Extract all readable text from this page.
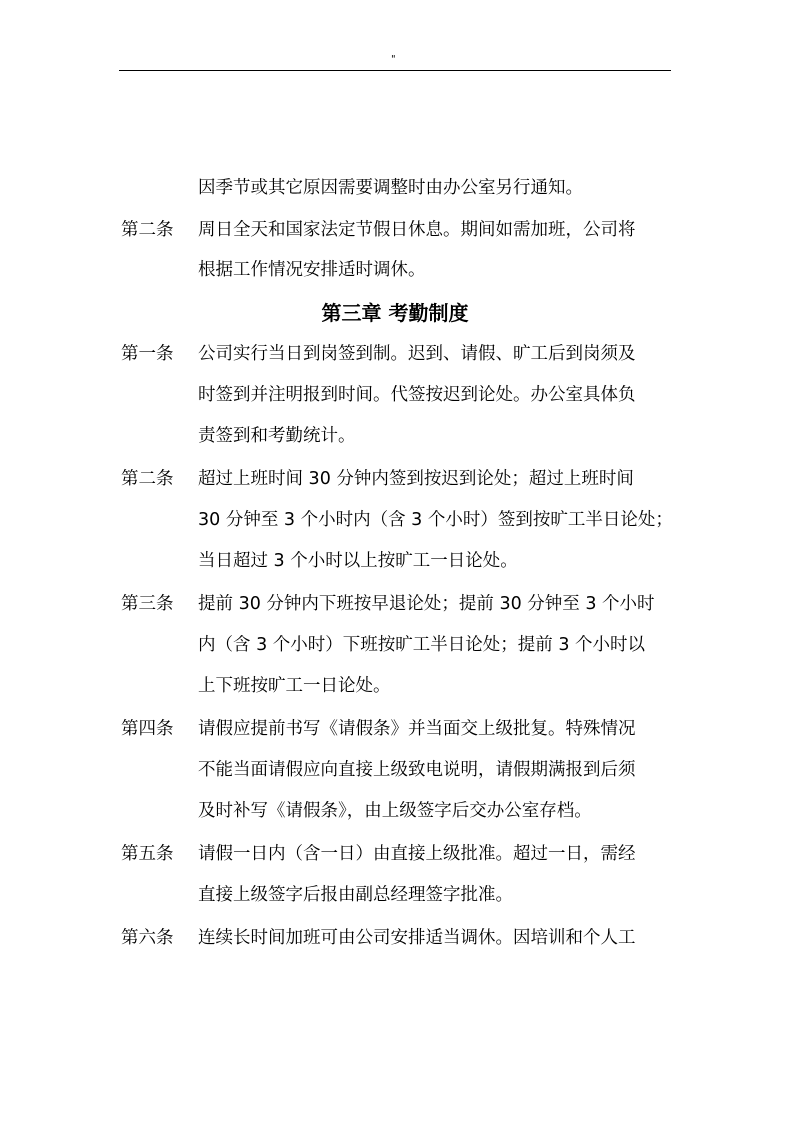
"
因季节或其它原因需要调整时由办公室另行通知。
第二条 周日全天和国家法定节假日休息。期间如需加班，公司将
根据工作情况安排适时调休。
第三章 考勤制度
第一条 公司实行当日到岗签到制。迟到、请假、旷工后到岗须及
时签到并注明报到时间。代签按迟到论处。办公室具体负
责签到和考勤统计。
第二条 超过上班时间 30 分钟内签到按迟到论处；超过上班时间
30 分钟至 3 个小时内（含 3 个小时）签到按旷工半日论处；
当日超过 3 个小时以上按旷工一日论处。
第三条 提前 30 分钟内下班按早退论处；提前 30 分钟至 3 个小时
内（含 3 个小时）下班按旷工半日论处；提前 3 个小时以
上下班按旷工一日论处。
第四条 请假应提前书写《请假条》并当面交上级批复。特殊情况
不能当面请假应向直接上级致电说明，请假期满报到后须
及时补写《请假条》，由上级签字后交办公室存档。
第五条 请假一日内（含一日）由直接上级批准。超过一日，需经
直接上级签字后报由副总经理签字批准。
第六条 连续长时间加班可由公司安排适当调休。因培训和个人工
